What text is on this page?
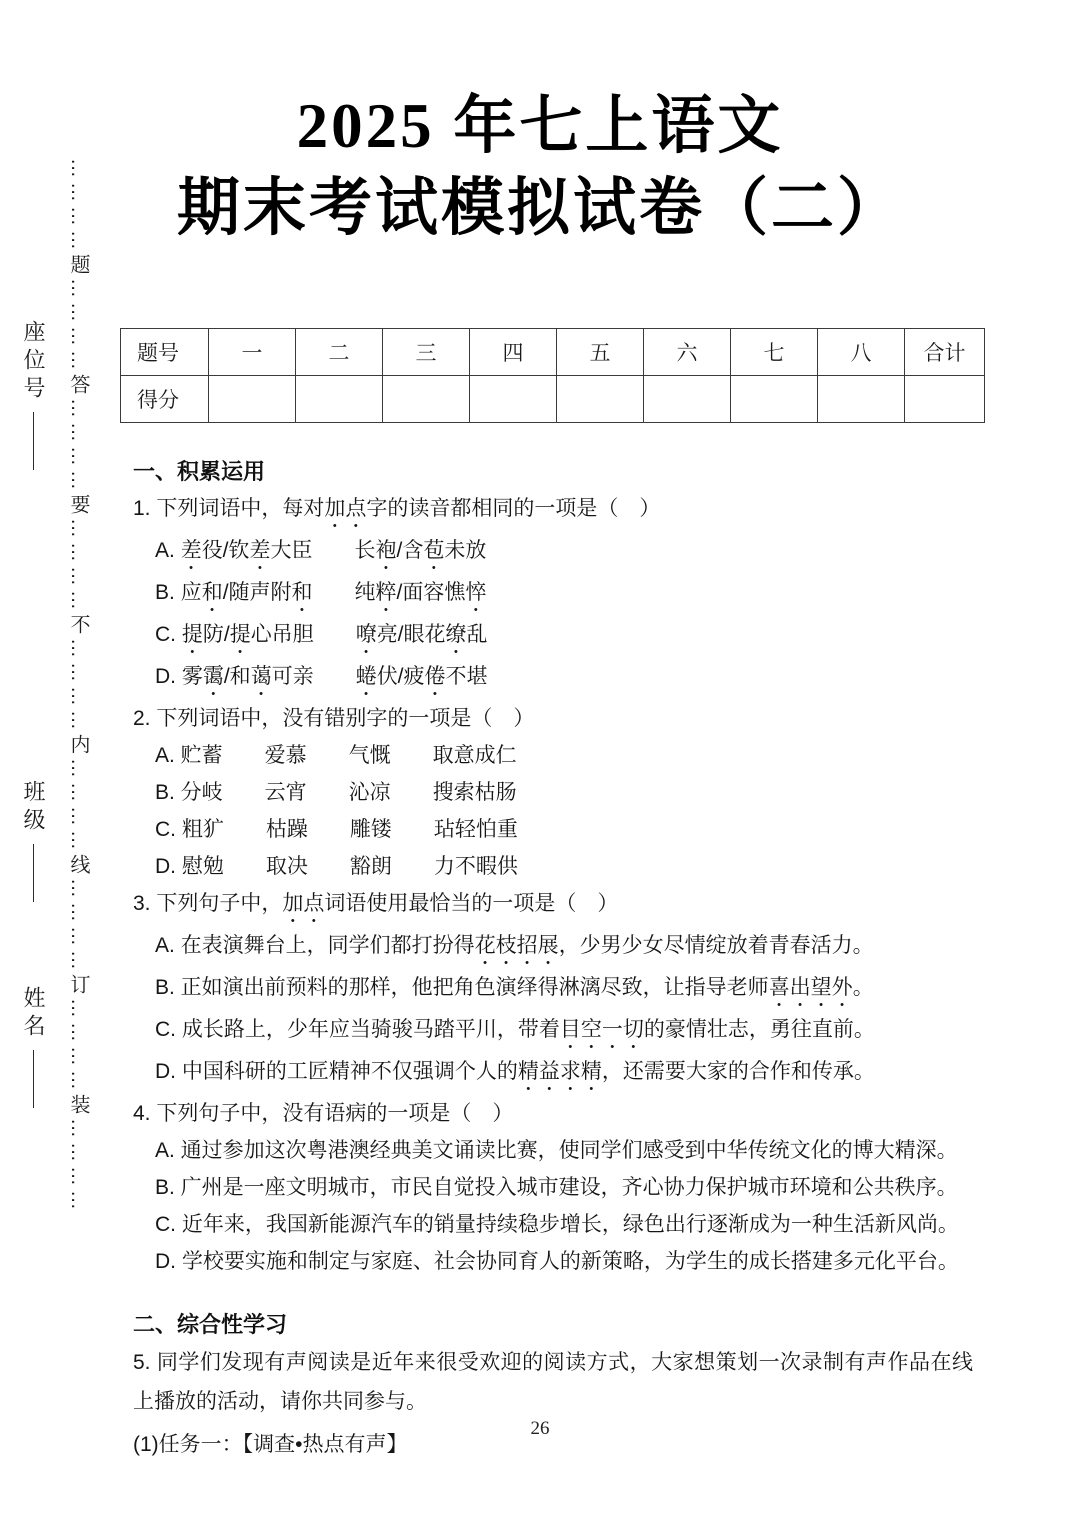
…………题…………答…………要…………不…………内…………线…………订…………装…………
座位号
班级
姓名
2025 年七上语文
期末考试模拟试卷（二）
题号	一	二	三	四	五	六	七	八	合计
得分									
一、积累运用

1. 下列词语中，每对加点字的读音都相同的一项是（　）

A. 差役/钦差大臣　　长袍/含苞未放

B. 应和/随声附和　　纯粹/面容憔悴

C. 提防/提心吊胆　　嘹亮/眼花缭乱

D. 雾霭/和蔼可亲　　蜷伏/疲倦不堪

2. 下列词语中，没有错别字的一项是（　）

A. 贮蓄　　爱慕　　气慨　　取意成仁

B. 分岐　　云宵　　沁凉　　搜索枯肠

C. 粗犷　　枯躁　　雕镂　　玷轻怕重

D. 慰勉　　取决　　豁朗　　力不暇供

3. 下列句子中，加点词语使用最恰当的一项是（　）

A. 在表演舞台上，同学们都打扮得花枝招展，少男少女尽情绽放着青春活力。

B. 正如演出前预料的那样，他把角色演绎得淋漓尽致，让指导老师喜出望外。

C. 成长路上，少年应当骑骏马踏平川，带着目空一切的豪情壮志，勇往直前。

D. 中国科研的工匠精神不仅强调个人的精益求精，还需要大家的合作和传承。

4. 下列句子中，没有语病的一项是（　）

A. 通过参加这次粤港澳经典美文诵读比赛，使同学们感受到中华传统文化的博大精深。

B. 广州是一座文明城市，市民自觉投入城市建设，齐心协力保护城市环境和公共秩序。

C. 近年来，我国新能源汽车的销量持续稳步增长，绿色出行逐渐成为一种生活新风尚。

D. 学校要实施和制定与家庭、社会协同育人的新策略，为学生的成长搭建多元化平台。

二、综合性学习

5. 同学们发现有声阅读是近年来很受欢迎的阅读方式，大家想策划一次录制有声作品在线上播放的活动，请你共同参与。

(1)任务一：【调查•热点有声】

26
